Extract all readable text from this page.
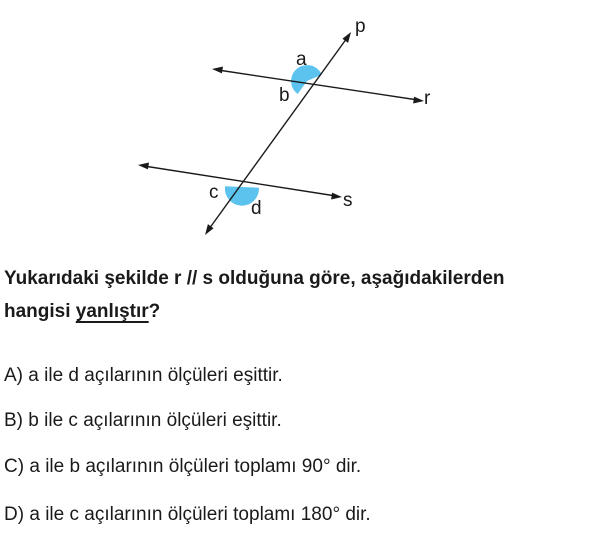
p
r
s
a
b
c
d

Yukarıdaki şekilde r // s olduğuna göre, aşağıdakilerden
hangisi yanlıştır?

A) a ile d açılarının ölçüleri eşittir.

B) b ile c açılarının ölçüleri eşittir.

C) a ile b açılarının ölçüleri toplamı 90° dir.

D) a ile c açılarının ölçüleri toplamı 180° dir.
